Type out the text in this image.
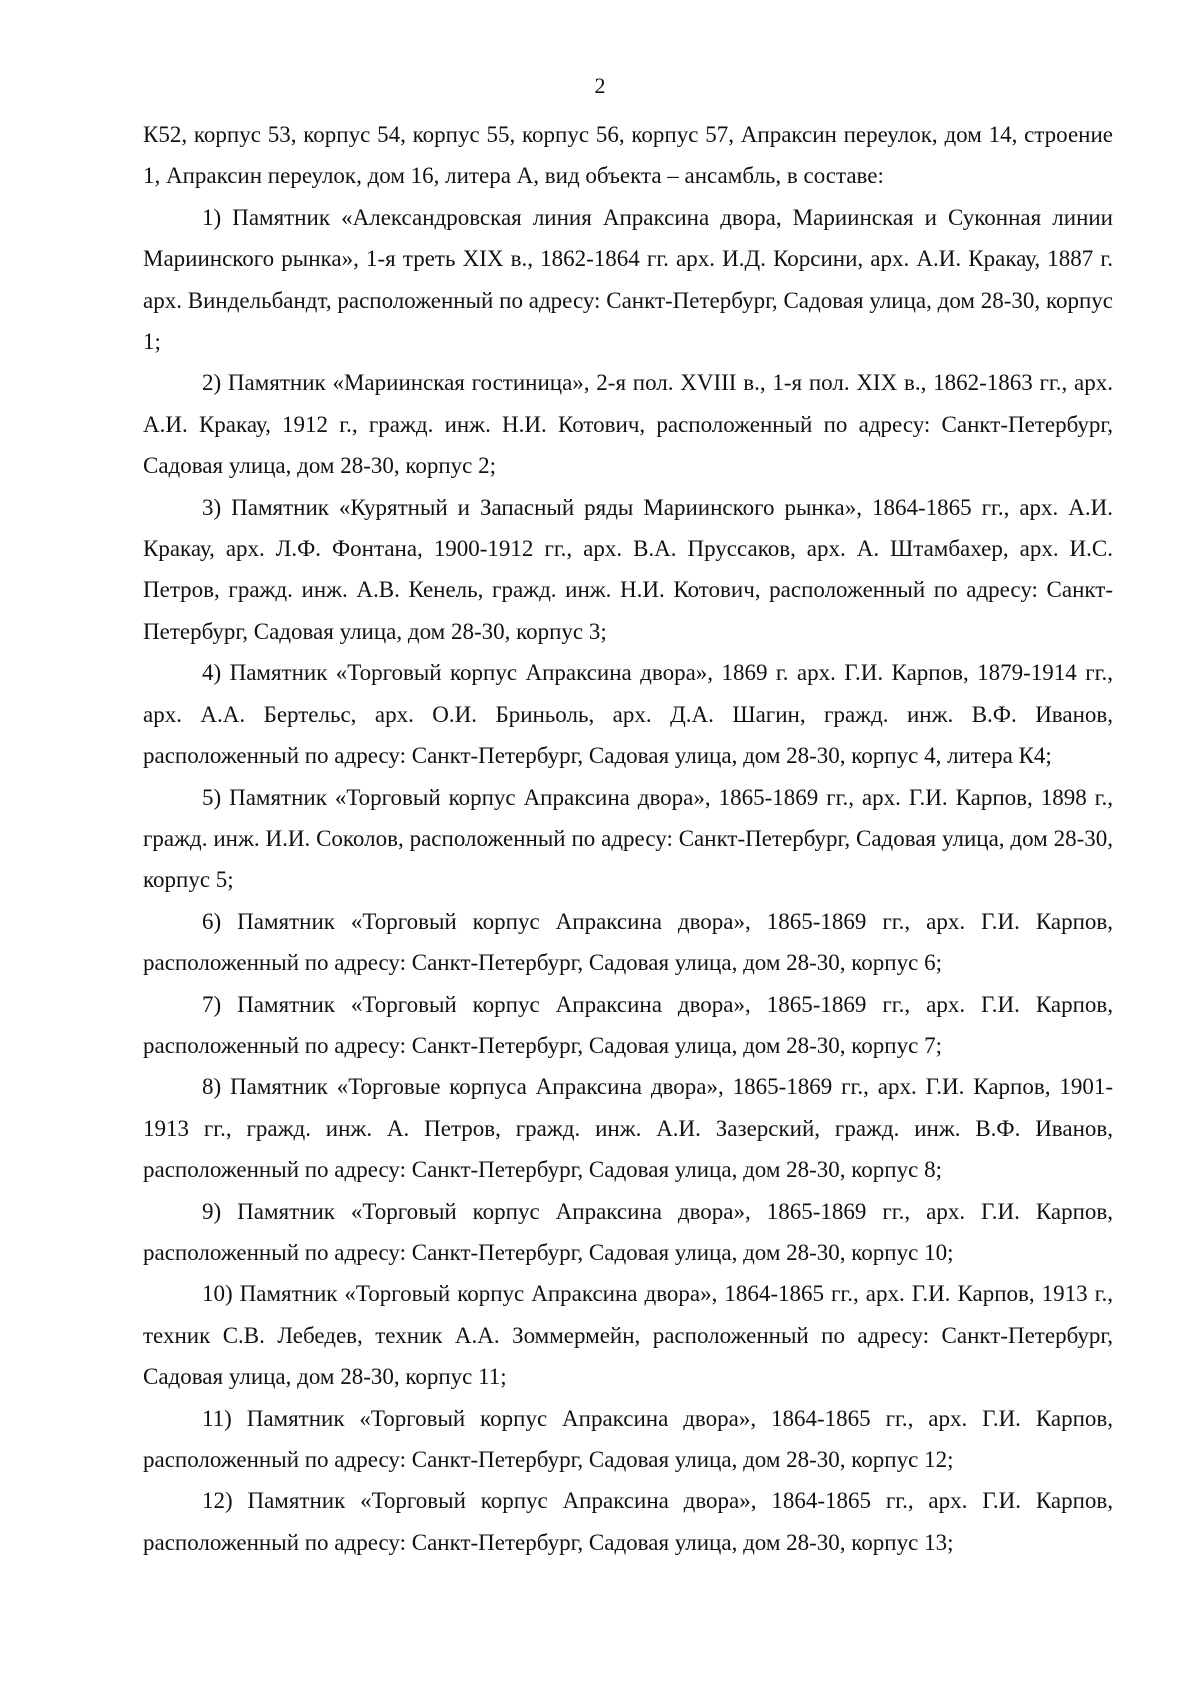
2

К52, корпус 53, корпус 54, корпус 55, корпус 56, корпус 57, Апраксин переулок, дом 14, строение 1, Апраксин переулок, дом 16, литера А, вид объекта – ансамбль, в составе:

1) Памятник «Александровская линия Апраксина двора, Мариинская и Суконная линии Мариинского рынка», 1-я треть XIX в., 1862-1864 гг. арх. И.Д. Корсини, арх. А.И. Кракау, 1887 г. арх. Виндельбандт, расположенный по адресу: Санкт-Петербург, Садовая улица, дом 28-30, корпус 1;

2) Памятник «Мариинская гостиница», 2-я пол. XVIII в., 1-я пол. XIX в., 1862-1863 гг., арх. А.И. Кракау, 1912 г., гражд. инж. Н.И. Котович, расположенный по адресу: Санкт-Петербург, Садовая улица, дом 28-30, корпус 2;

3) Памятник «Курятный и Запасный ряды Мариинского рынка», 1864-1865 гг., арх. А.И. Кракау, арх. Л.Ф. Фонтана, 1900-1912 гг., арх. В.А. Пруссаков, арх. А. Штамбахер, арх. И.С. Петров, гражд. инж. А.В. Кенель, гражд. инж. Н.И. Котович, расположенный по адресу: Санкт-Петербург, Садовая улица, дом 28-30, корпус 3;

4) Памятник «Торговый корпус Апраксина двора», 1869 г. арх. Г.И. Карпов, 1879-1914 гг., арх. А.А. Бертельс, арх. О.И. Бриньоль, арх. Д.А. Шагин, гражд. инж. В.Ф. Иванов, расположенный по адресу: Санкт-Петербург, Садовая улица, дом 28-30, корпус 4, литера К4;

5) Памятник «Торговый корпус Апраксина двора», 1865-1869 гг., арх. Г.И. Карпов, 1898 г., гражд. инж. И.И. Соколов, расположенный по адресу: Санкт-Петербург, Садовая улица, дом 28-30, корпус 5;

6) Памятник «Торговый корпус Апраксина двора», 1865-1869 гг., арх. Г.И. Карпов, расположенный по адресу: Санкт-Петербург, Садовая улица, дом 28-30, корпус 6;

7) Памятник «Торговый корпус Апраксина двора», 1865-1869 гг., арх. Г.И. Карпов, расположенный по адресу: Санкт-Петербург, Садовая улица, дом 28-30, корпус 7;

8) Памятник «Торговые корпуса Апраксина двора», 1865-1869 гг., арх. Г.И. Карпов, 1901-1913 гг., гражд. инж. А. Петров, гражд. инж. А.И. Зазерский, гражд. инж. В.Ф. Иванов, расположенный по адресу: Санкт-Петербург, Садовая улица, дом 28-30, корпус 8;

9) Памятник «Торговый корпус Апраксина двора», 1865-1869 гг., арх. Г.И. Карпов, расположенный по адресу: Санкт-Петербург, Садовая улица, дом 28-30, корпус 10;

10) Памятник «Торговый корпус Апраксина двора», 1864-1865 гг., арх. Г.И. Карпов, 1913 г., техник С.В. Лебедев, техник А.А. Зоммермейн, расположенный по адресу: Санкт-Петербург, Садовая улица, дом 28-30, корпус 11;

11) Памятник «Торговый корпус Апраксина двора», 1864-1865 гг., арх. Г.И. Карпов, расположенный по адресу: Санкт-Петербург, Садовая улица, дом 28-30, корпус 12;

12) Памятник «Торговый корпус Апраксина двора», 1864-1865 гг., арх. Г.И. Карпов, расположенный по адресу: Санкт-Петербург, Садовая улица, дом 28-30, корпус 13;
